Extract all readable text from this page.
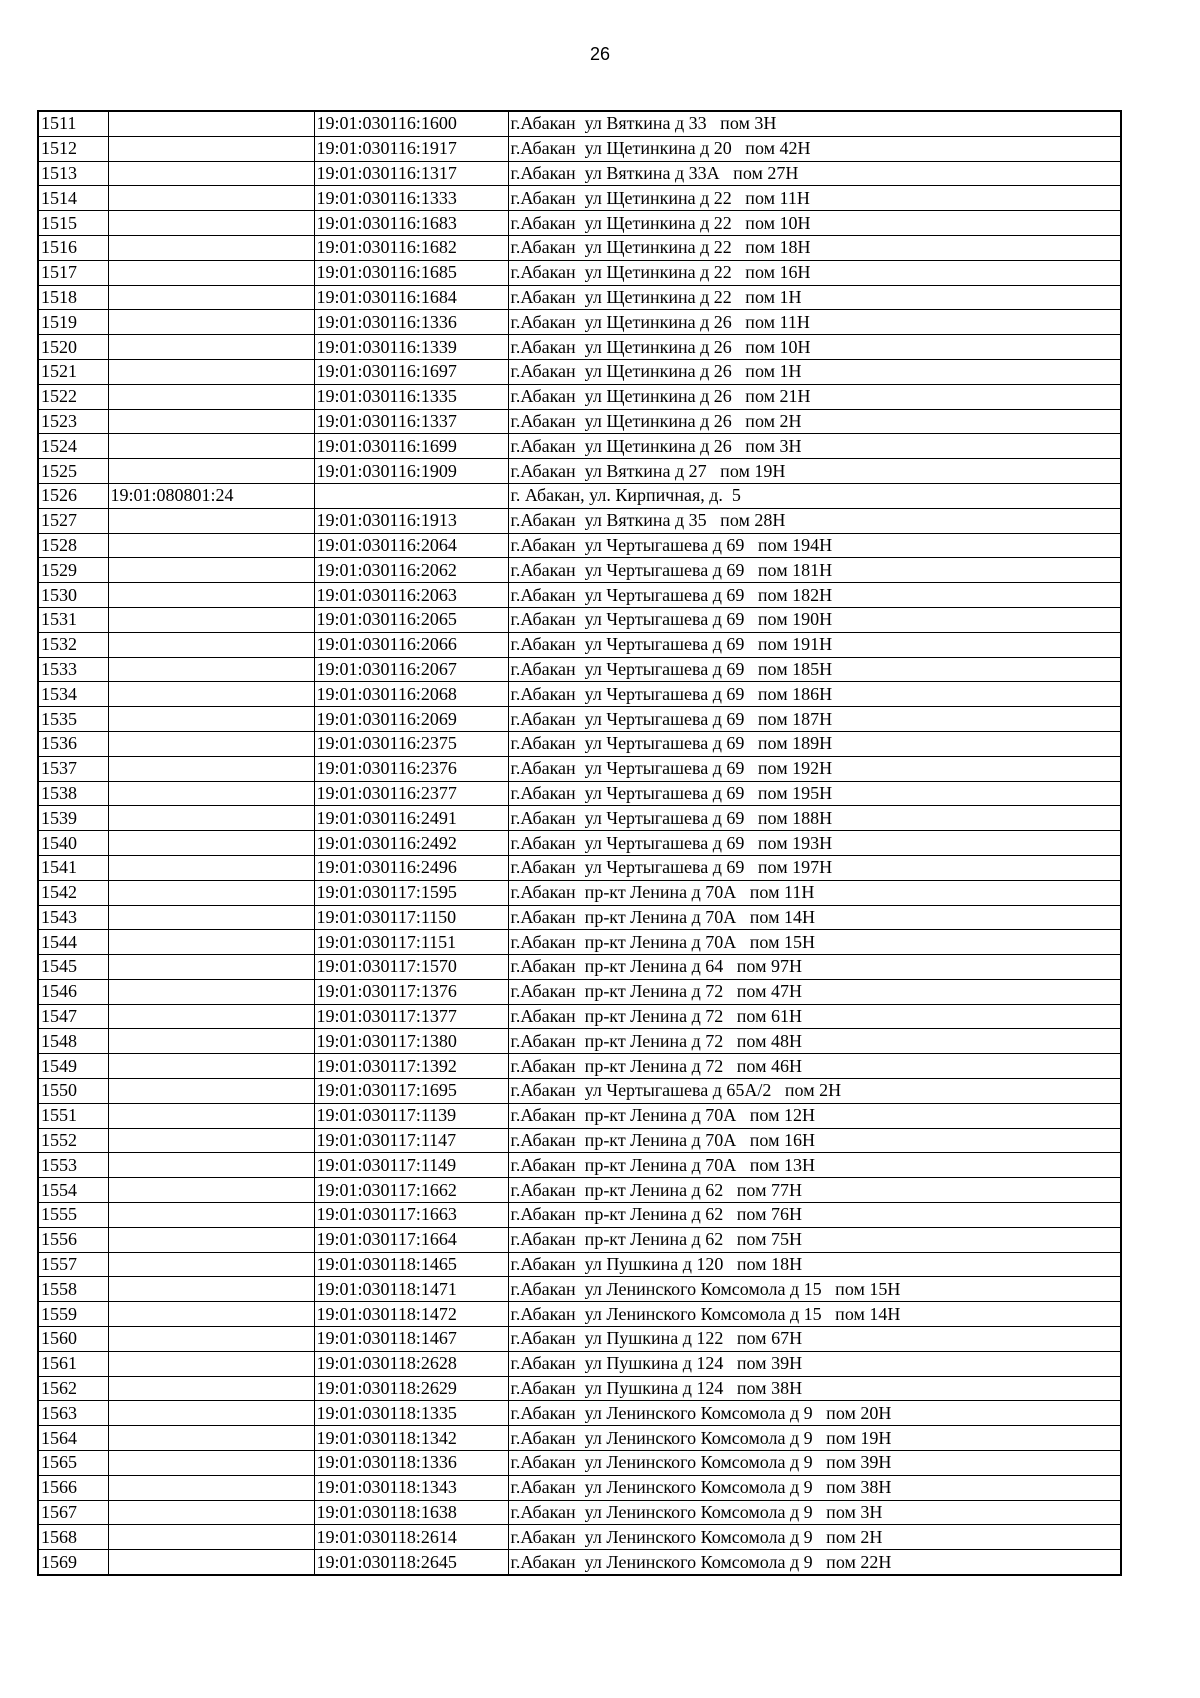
26
1511		19:01:030116:1600	г.Абакан  ул Вяткина д 33   пом 3Н
1512		19:01:030116:1917	г.Абакан  ул Щетинкина д 20   пом 42Н
1513		19:01:030116:1317	г.Абакан  ул Вяткина д 33А   пом 27Н
1514		19:01:030116:1333	г.Абакан  ул Щетинкина д 22   пом 11Н
1515		19:01:030116:1683	г.Абакан  ул Щетинкина д 22   пом 10Н
1516		19:01:030116:1682	г.Абакан  ул Щетинкина д 22   пом 18Н
1517		19:01:030116:1685	г.Абакан  ул Щетинкина д 22   пом 16Н
1518		19:01:030116:1684	г.Абакан  ул Щетинкина д 22   пом 1Н
1519		19:01:030116:1336	г.Абакан  ул Щетинкина д 26   пом 11Н
1520		19:01:030116:1339	г.Абакан  ул Щетинкина д 26   пом 10Н
1521		19:01:030116:1697	г.Абакан  ул Щетинкина д 26   пом 1Н
1522		19:01:030116:1335	г.Абакан  ул Щетинкина д 26   пом 21Н
1523		19:01:030116:1337	г.Абакан  ул Щетинкина д 26   пом 2Н
1524		19:01:030116:1699	г.Абакан  ул Щетинкина д 26   пом 3Н
1525		19:01:030116:1909	г.Абакан  ул Вяткина д 27   пом 19Н
1526	19:01:080801:24		г. Абакан, ул. Кирпичная, д.  5
1527		19:01:030116:1913	г.Абакан  ул Вяткина д 35   пом 28Н
1528		19:01:030116:2064	г.Абакан  ул Чертыгашева д 69   пом 194Н
1529		19:01:030116:2062	г.Абакан  ул Чертыгашева д 69   пом 181Н
1530		19:01:030116:2063	г.Абакан  ул Чертыгашева д 69   пом 182Н
1531		19:01:030116:2065	г.Абакан  ул Чертыгашева д 69   пом 190Н
1532		19:01:030116:2066	г.Абакан  ул Чертыгашева д 69   пом 191Н
1533		19:01:030116:2067	г.Абакан  ул Чертыгашева д 69   пом 185Н
1534		19:01:030116:2068	г.Абакан  ул Чертыгашева д 69   пом 186Н
1535		19:01:030116:2069	г.Абакан  ул Чертыгашева д 69   пом 187Н
1536		19:01:030116:2375	г.Абакан  ул Чертыгашева д 69   пом 189Н
1537		19:01:030116:2376	г.Абакан  ул Чертыгашева д 69   пом 192Н
1538		19:01:030116:2377	г.Абакан  ул Чертыгашева д 69   пом 195Н
1539		19:01:030116:2491	г.Абакан  ул Чертыгашева д 69   пом 188Н
1540		19:01:030116:2492	г.Абакан  ул Чертыгашева д 69   пом 193Н
1541		19:01:030116:2496	г.Абакан  ул Чертыгашева д 69   пом 197Н
1542		19:01:030117:1595	г.Абакан  пр-кт Ленина д 70А   пом 11Н
1543		19:01:030117:1150	г.Абакан  пр-кт Ленина д 70А   пом 14Н
1544		19:01:030117:1151	г.Абакан  пр-кт Ленина д 70А   пом 15Н
1545		19:01:030117:1570	г.Абакан  пр-кт Ленина д 64   пом 97Н
1546		19:01:030117:1376	г.Абакан  пр-кт Ленина д 72   пом 47Н
1547		19:01:030117:1377	г.Абакан  пр-кт Ленина д 72   пом 61Н
1548		19:01:030117:1380	г.Абакан  пр-кт Ленина д 72   пом 48Н
1549		19:01:030117:1392	г.Абакан  пр-кт Ленина д 72   пом 46Н
1550		19:01:030117:1695	г.Абакан  ул Чертыгашева д 65А/2   пом 2Н
1551		19:01:030117:1139	г.Абакан  пр-кт Ленина д 70А   пом 12Н
1552		19:01:030117:1147	г.Абакан  пр-кт Ленина д 70А   пом 16Н
1553		19:01:030117:1149	г.Абакан  пр-кт Ленина д 70А   пом 13Н
1554		19:01:030117:1662	г.Абакан  пр-кт Ленина д 62   пом 77Н
1555		19:01:030117:1663	г.Абакан  пр-кт Ленина д 62   пом 76Н
1556		19:01:030117:1664	г.Абакан  пр-кт Ленина д 62   пом 75Н
1557		19:01:030118:1465	г.Абакан  ул Пушкина д 120   пом 18Н
1558		19:01:030118:1471	г.Абакан  ул Ленинского Комсомола д 15   пом 15Н
1559		19:01:030118:1472	г.Абакан  ул Ленинского Комсомола д 15   пом 14Н
1560		19:01:030118:1467	г.Абакан  ул Пушкина д 122   пом 67Н
1561		19:01:030118:2628	г.Абакан  ул Пушкина д 124   пом 39Н
1562		19:01:030118:2629	г.Абакан  ул Пушкина д 124   пом 38Н
1563		19:01:030118:1335	г.Абакан  ул Ленинского Комсомола д 9   пом 20Н
1564		19:01:030118:1342	г.Абакан  ул Ленинского Комсомола д 9   пом 19Н
1565		19:01:030118:1336	г.Абакан  ул Ленинского Комсомола д 9   пом 39Н
1566		19:01:030118:1343	г.Абакан  ул Ленинского Комсомола д 9   пом 38Н
1567		19:01:030118:1638	г.Абакан  ул Ленинского Комсомола д 9   пом 3Н
1568		19:01:030118:2614	г.Абакан  ул Ленинского Комсомола д 9   пом 2Н
1569		19:01:030118:2645	г.Абакан  ул Ленинского Комсомола д 9   пом 22Н
